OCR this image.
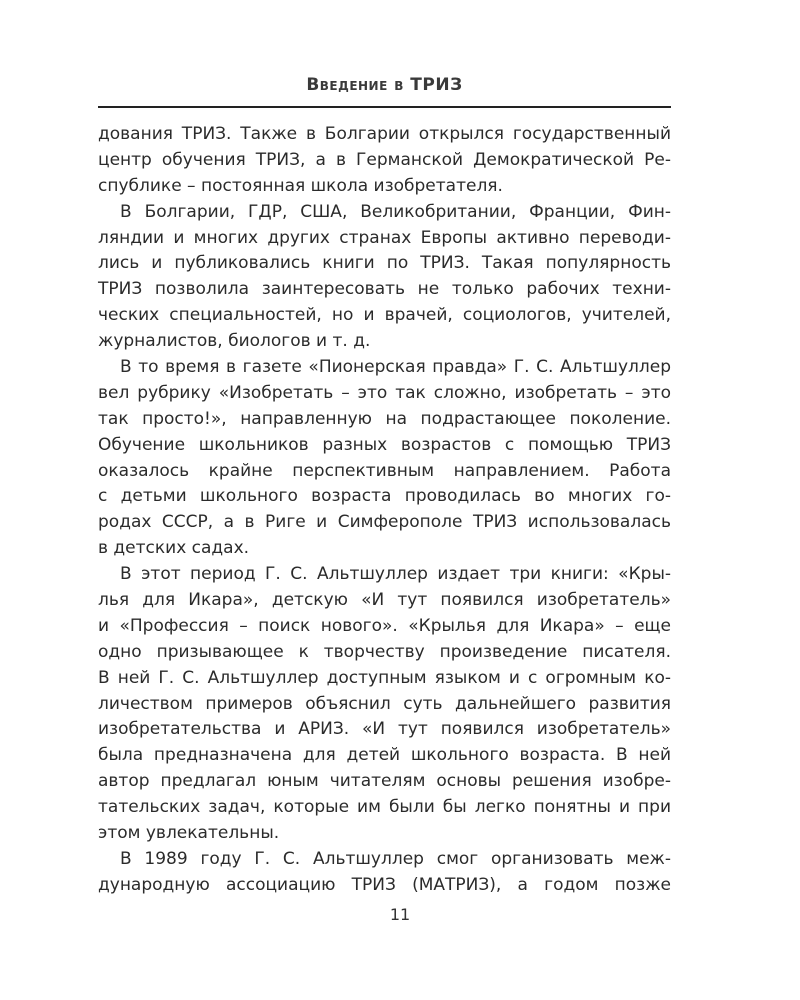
Введение в ТРИЗ
дования ТРИЗ. Также в Болгарии открылся государственный
центр обучения ТРИЗ, а в Германской Демократической Ре-
спублике – постоянная школа изобретателя.
В Болгарии, ГДР, США, Великобритании, Франции, Фин-
ляндии и многих других странах Европы активно переводи-
лись и публиковались книги по ТРИЗ. Такая популярность
ТРИЗ позволила заинтересовать не только рабочих техни-
ческих специальностей, но и врачей, социологов, учителей,
журналистов, биологов и т. д.
В то время в газете «Пионерская правда» Г. С. Альтшуллер
вел рубрику «Изобретать – это так сложно, изобретать – это
так просто!», направленную на подрастающее поколение.
Обучение школьников разных возрастов с помощью ТРИЗ
оказалось крайне перспективным направлением. Работа
с детьми школьного возраста проводилась во многих го-
родах СССР, а в Риге и Симферополе ТРИЗ использовалась
в детских садах.
В этот период Г. С. Альтшуллер издает три книги: «Кры-
лья для Икара», детскую «И тут появился изобретатель»
и «Профессия – поиск нового». «Крылья для Икара» – еще
одно призывающее к творчеству произведение писателя.
В ней Г. С. Альтшуллер доступным языком и с огромным ко-
личеством примеров объяснил суть дальнейшего развития
изобретательства и АРИЗ. «И тут появился изобретатель»
была предназначена для детей школьного возраста. В ней
автор предлагал юным читателям основы решения изобре-
тательских задач, которые им были бы легко понятны и при
этом увлекательны.
В 1989 году Г. С. Альтшуллер смог организовать меж-
дународную ассоциацию ТРИЗ (МАТРИЗ), а годом позже
11
